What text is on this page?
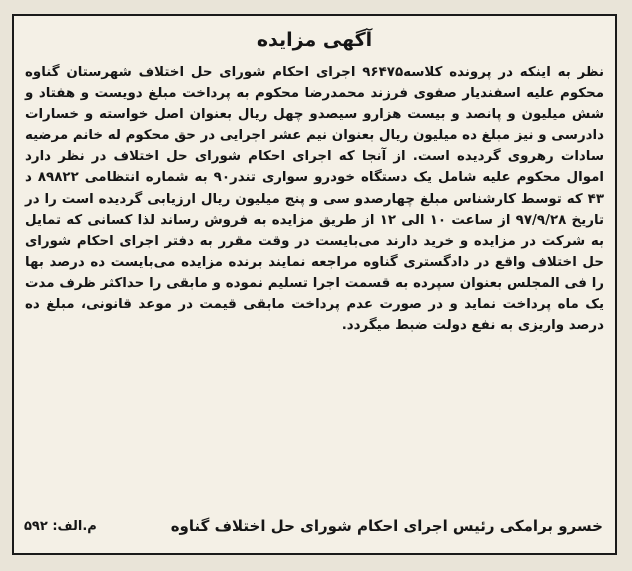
آگهی مزایده
نظر به اینکه در پرونده کلاسه۹۶۴۷۵ اجرای احکام شورای حل اختلاف شهرستان گناوه محکوم علیه اسفندیار صفوی فرزند محمدرضا محکوم به پرداخت مبلغ دویست و هفتاد و شش میلیون و پانصد و بیست هزارو سیصدو چهل ریال بعنوان اصل خواسته و خسارات دادرسی و نیز مبلغ ده میلیون ریال بعنوان نیم عشر اجرایی در حق محکوم له خانم مرضیه سادات رهروی گردیده است. از آنجا که اجرای احکام شورای حل اختلاف در نظر دارد اموال محکوم علیه شامل یک دستگاه خودرو سواری تندر۹۰ به شماره انتظامی ۸۹۸۲۲ د ۴۳ که توسط کارشناس مبلغ چهارصدو سی و پنج میلیون ریال ارزیابی گردیده است را در تاریخ ۹۷/۹/۲۸ از ساعت ۱۰ الی ۱۲ از طریق مزایده به فروش رساند لذا کسانی که تمایل به شرکت در مزایده و خرید دارند می‌بایست در وقت مقرر به دفتر اجرای احکام شورای حل اختلاف واقع در دادگستری گناوه مراجعه نمایند برنده مزایده می‌بایست ده درصد بها را فی المجلس بعنوان سپرده به قسمت اجرا تسلیم نموده و مابقی را حداکثر ظرف مدت یک ماه پرداخت نماید و در صورت عدم پرداخت مابقی قیمت در موعد قانونی، مبلغ ده درصد واریزی به نفع دولت ضبط میگردد.
خسرو برامکی رئیس اجرای احکام شورای حل اختلاف گناوه
م.الف: ۵۹۲
